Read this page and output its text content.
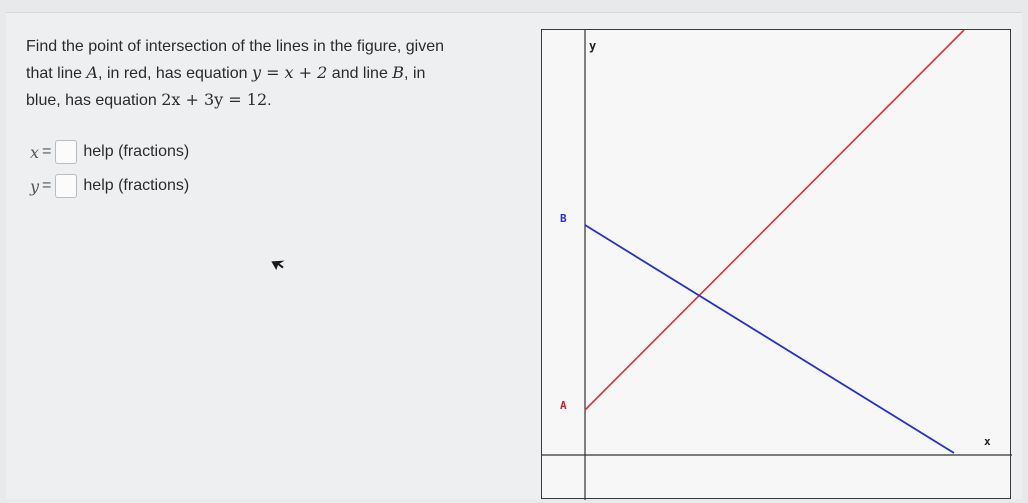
Find the point of intersection of the lines in the figure, given
that line A, in red, has equation y = x + 2 and line B, in
blue, has equation 2x + 3y = 12.
x = help (fractions)
y = help (fractions)
y
x
B
A
